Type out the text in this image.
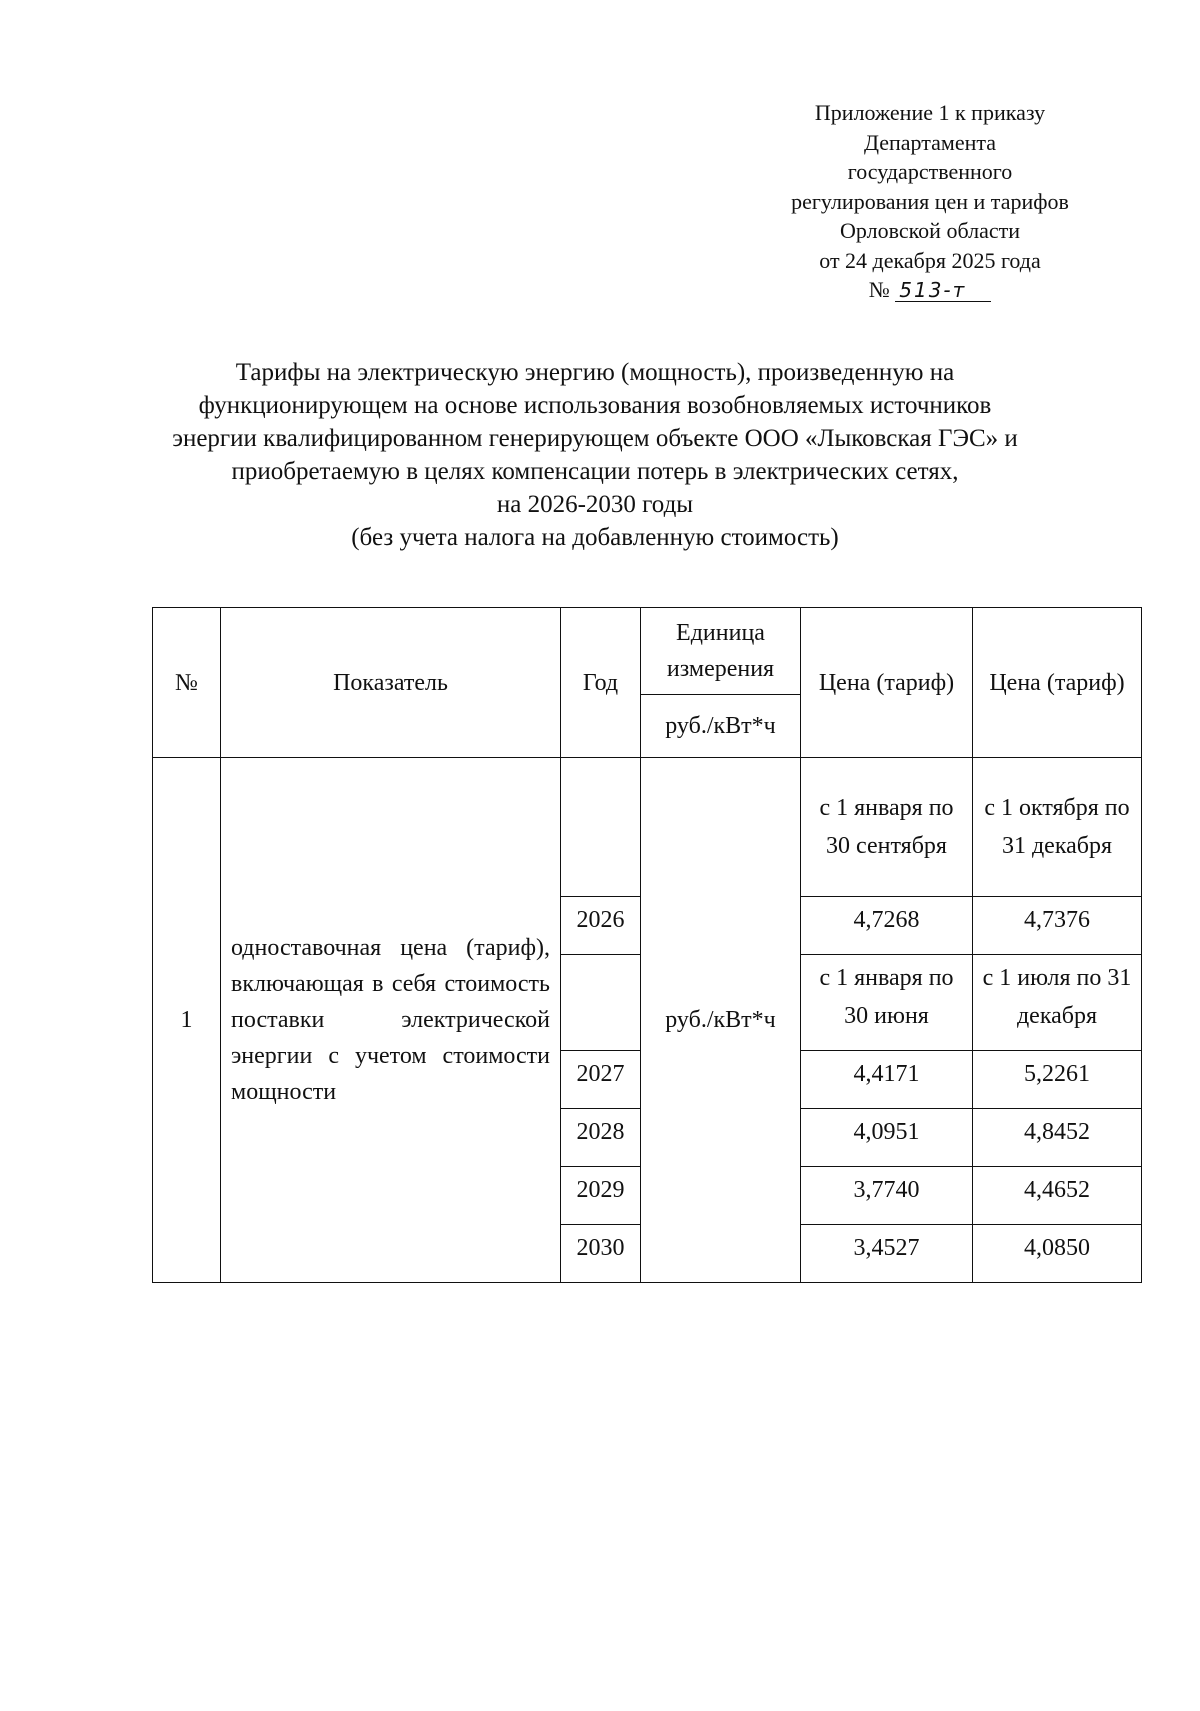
Приложение 1 к приказу
Департамента
государственного
регулирования цен и тарифов
Орловской области
от 24 декабря 2025 года
№ 513-т
Тарифы на электрическую энергию (мощность), произведенную на
функционирующем на основе использования возобновляемых источников
энергии квалифицированном генерирующем объекте ООО «Лыковская ГЭС» и
приобретаемую в целях компенсации потерь в электрических сетях,
на 2026-2030 годы
(без учета налога на добавленную стоимость)
№	Показатель	Год	Единица измерения	Цена (тариф)	Цена (тариф)
			руб./кВт*ч		
1	одноставочная цена (тариф), включающая в себя стоимость поставки электрической энергии с учетом стоимости мощности		руб./кВт*ч	с 1 января по 30 сентября	с 1 октября по 31 декабря
		2026		4,7268	4,7376
				с 1 января по 30 июня	с 1 июля по 31 декабря
		2027		4,4171	5,2261
		2028		4,0951	4,8452
		2029		3,7740	4,4652
		2030		3,4527	4,0850
